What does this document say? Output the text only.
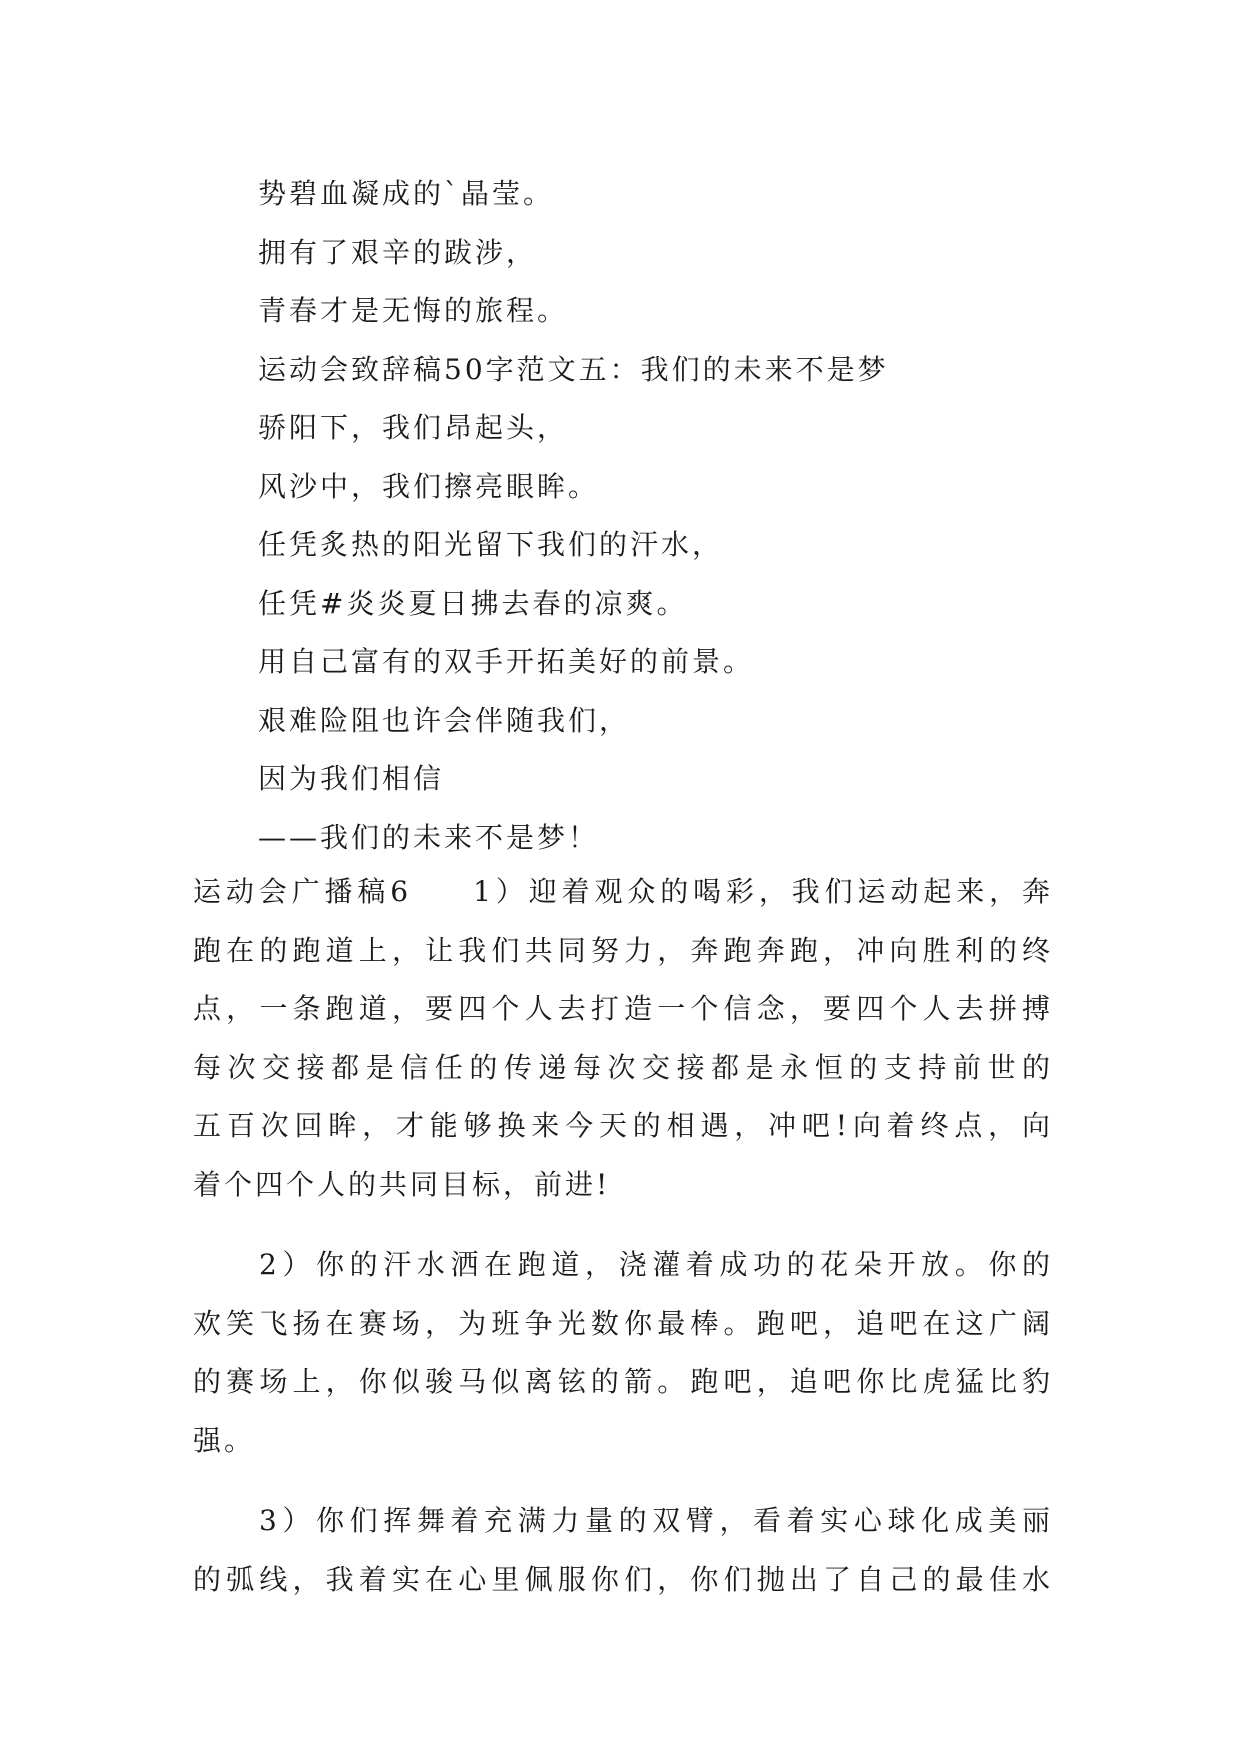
势碧血凝成的`晶莹。
拥有了艰辛的跋涉，
青春才是无悔的旅程。
运动会致辞稿50字范文五：我们的未来不是梦
骄阳下，我们昂起头，
风沙中，我们擦亮眼眸。
任凭炙热的阳光留下我们的汗水，
任凭#炎炎夏日拂去春的凉爽。
用自己富有的双手开拓美好的前景。
艰难险阻也许会伴随我们，
因为我们相信
——我们的未来不是梦！
运动会广播稿6 1）迎着观众的喝彩，我们运动起来，奔
跑在的跑道上，让我们共同努力，奔跑奔跑，冲向胜利的终
点，一条跑道，要四个人去打造一个信念，要四个人去拼搏
每次交接都是信任的传递每次交接都是永恒的支持前世的
五百次回眸，才能够换来今天的相遇，冲吧!向着终点，向
着个四个人的共同目标，前进!
2）你的汗水洒在跑道，浇灌着成功的花朵开放。你的
欢笑飞扬在赛场，为班争光数你最棒。跑吧，追吧在这广阔
的赛场上，你似骏马似离铉的箭。跑吧，追吧你比虎猛比豹
强。
3）你们挥舞着充满力量的双臂，看着实心球化成美丽
的弧线，我着实在心里佩服你们，你们抛出了自己的最佳水
